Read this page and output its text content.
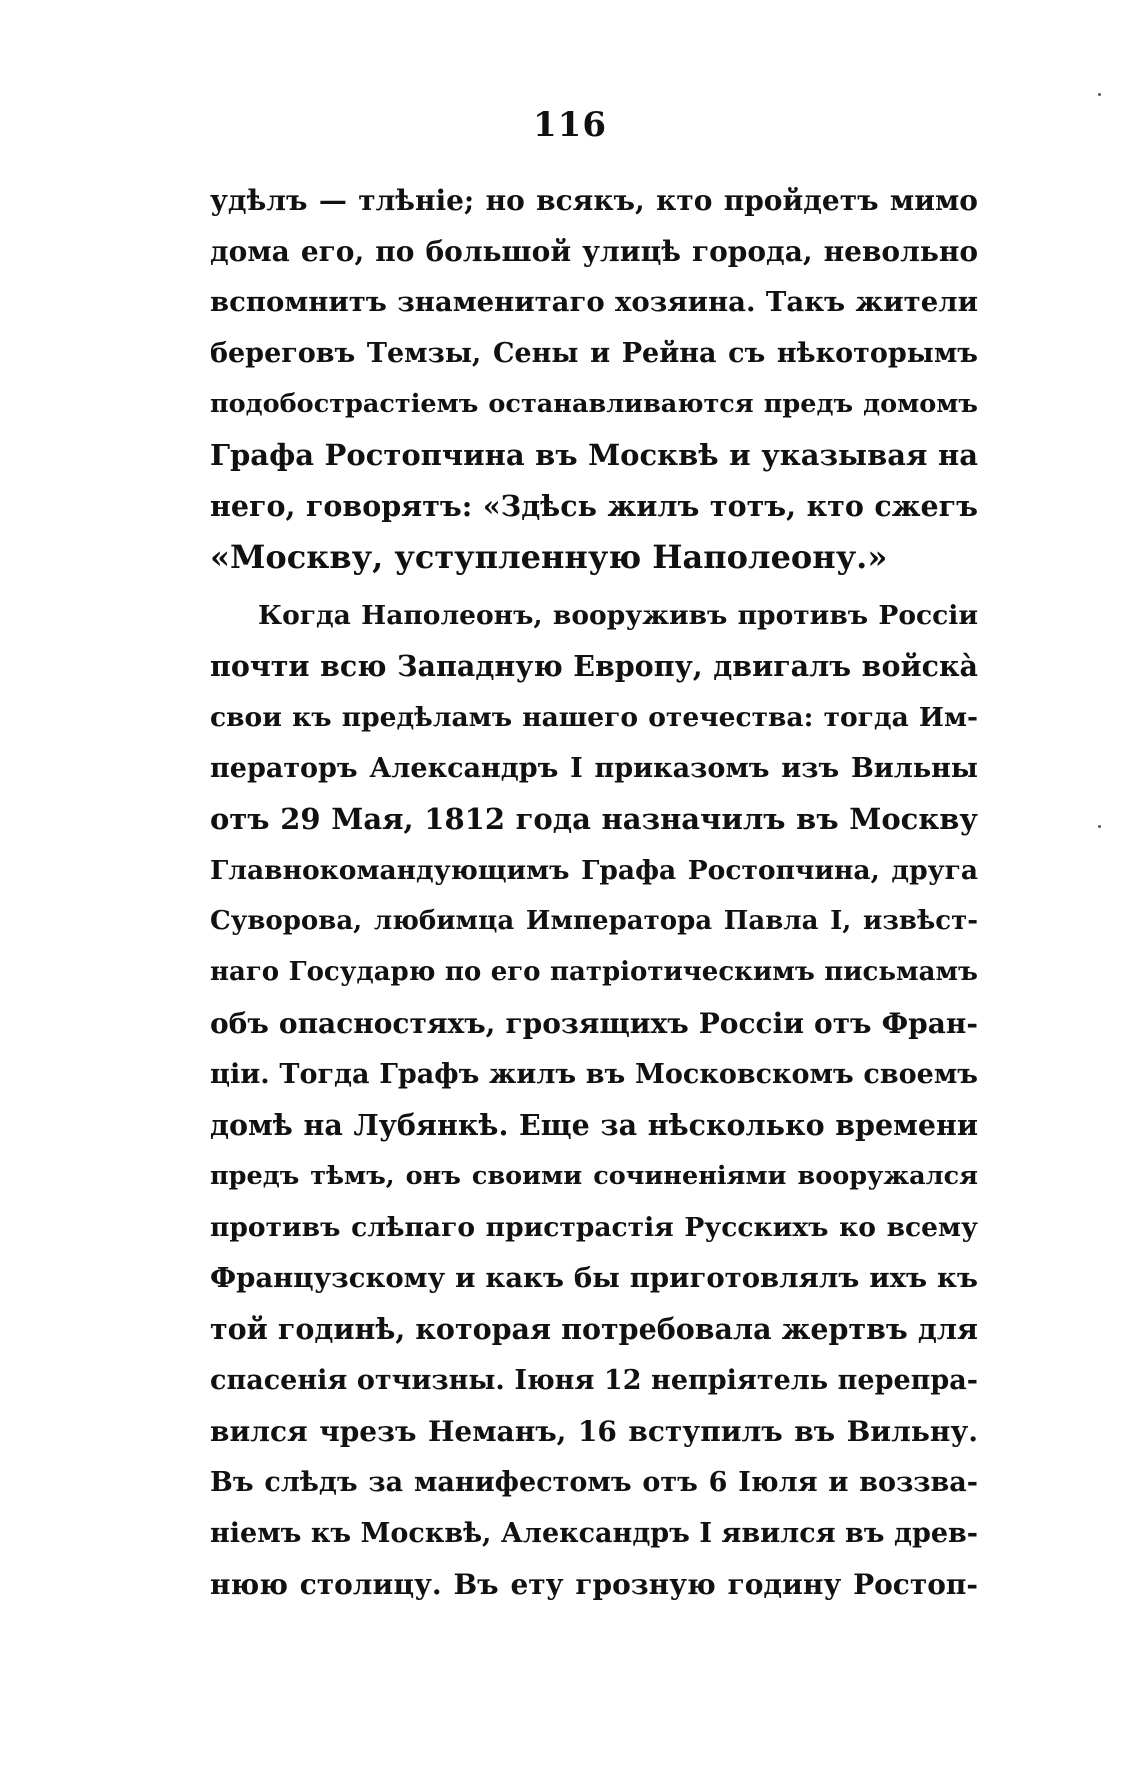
116
удѣлъ — тлѣніе; но всякъ, кто пройдетъ мимо
дома его, по большой улицѣ города, невольно
вспомнитъ знаменитаго хозяина. Такъ жители
береговъ Темзы, Сены и Рейна съ нѣкоторымъ
подобострастіемъ останавливаются предъ домомъ
Графа Ростопчина въ Москвѣ и указывая на
него, говорятъ: «Здѣсь жилъ тотъ, кто сжегъ
«Москву, уступленную Наполеону.»
Когда Наполеонъ, вооруживъ противъ Россіи
почти всю Западную Европу, двигалъ войскà
свои къ предѣламъ нашего отечества: тогда Им-
ператоръ Александръ I приказомъ изъ Вильны
отъ 29 Мая, 1812 года назначилъ въ Москву
Главнокомандующимъ Графа Ростопчина, друга
Суворова, любимца Императора Павла I, извѣст-
наго Государю по его патріотическимъ письмамъ
объ опасностяхъ, грозящихъ Россіи отъ Фран-
ціи. Тогда Графъ жилъ въ Московскомъ своемъ
домѣ на Лубянкѣ. Еще за нѣсколько времени
предъ тѣмъ, онъ своими сочиненіями вооружался
противъ слѣпаго пристрастія Русскихъ ко всему
Французскому и какъ бы приготовлялъ ихъ къ
той годинѣ, которая потребовала жертвъ для
спасенія отчизны. Іюня 12 непріятель перепра-
вился чрезъ Неманъ, 16 вступилъ въ Вильну.
Въ слѣдъ за манифестомъ отъ 6 Іюля и воззва-
ніемъ къ Москвѣ, Александръ I явился въ древ-
нюю столицу. Въ ету грозную годину Ростоп-
